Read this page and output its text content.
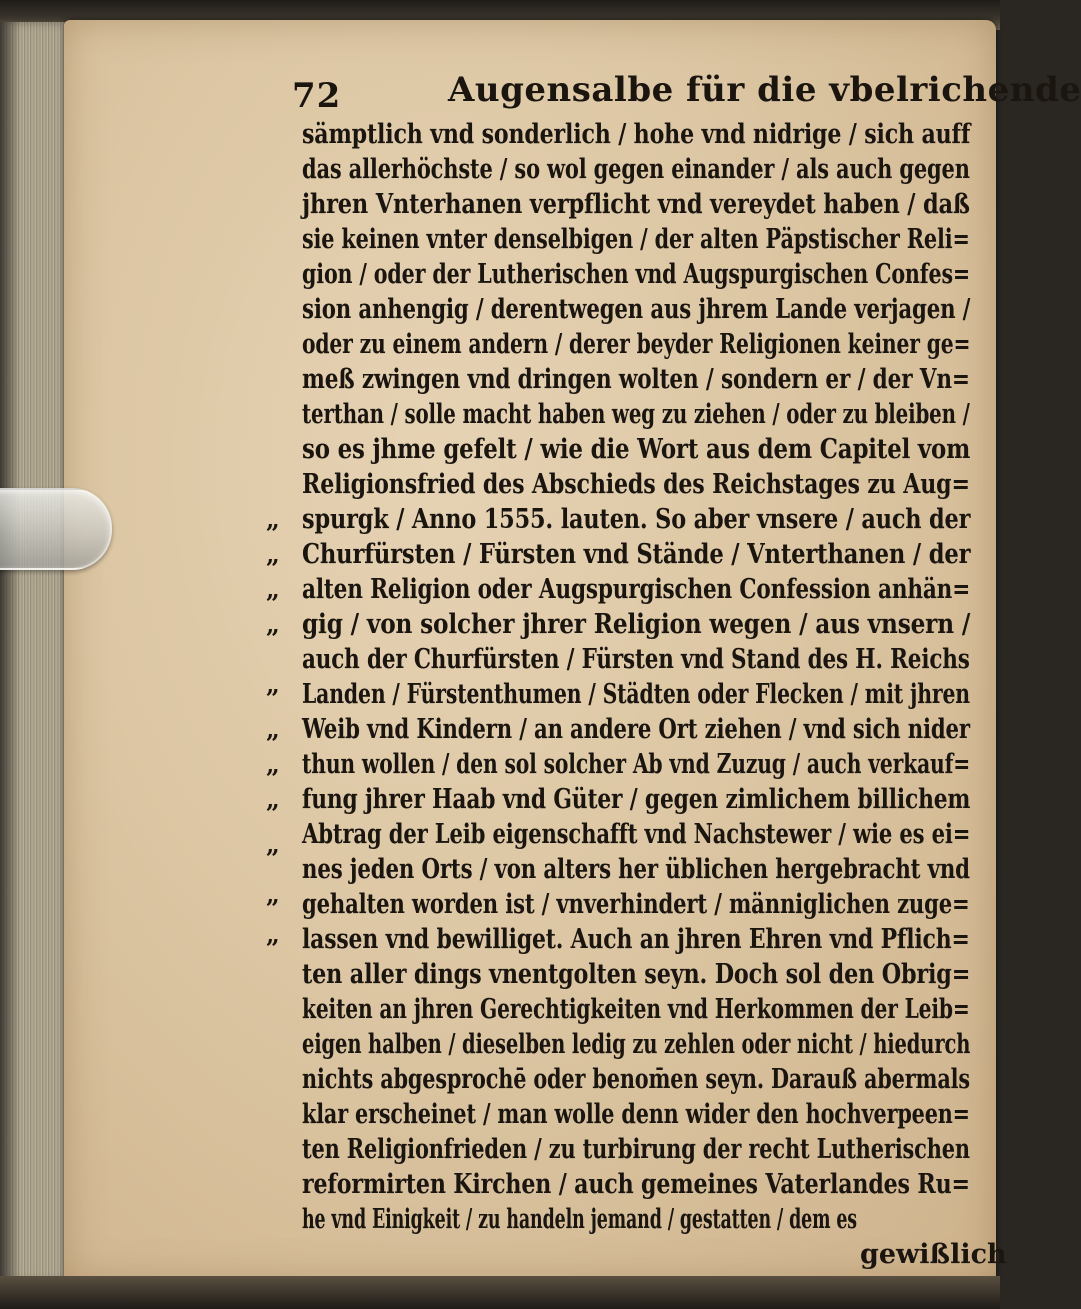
72	Augensalbe für die vbelrichende
sämptlich vnd sonderlich / hohe vnd nidrige / sich auff
das allerhöchste / so wol gegen einander / als auch gegen
jhren Vnterhanen verpflicht vnd vereydet haben / daß
sie keinen vnter denselbigen / der alten Päpstischer Reli=
gion / oder der Lutherischen vnd Augspurgischen Confes=
sion anhengig / derentwegen aus jhrem Lande verjagen /
oder zu einem andern / derer beyder Religionen keiner ge=
meß zwingen vnd dringen wolten / sondern er / der Vn=
terthan / solle macht haben weg zu ziehen / oder zu bleiben /
so es jhme gefelt / wie die Wort aus dem Capitel vom
Religionsfried des Abschieds des Reichstages zu Aug=
spurgk / Anno 1555. lauten. So aber vnsere / auch der
Churfürsten / Fürsten vnd Stände / Vnterthanen / der
alten Religion oder Augspurgischen Confession anhän=
gig / von solcher jhrer Religion wegen / aus vnsern /
auch der Churfürsten / Fürsten vnd Stand des H. Reichs
Landen / Fürstenthumen / Städten oder Flecken / mit jhren
Weib vnd Kindern / an andere Ort ziehen / vnd sich nider
thun wollen / den sol solcher Ab vnd Zuzug / auch verkauf=
fung jhrer Haab vnd Güter / gegen zimlichem billichem
Abtrag der Leib eigenschafft vnd Nachstewer / wie es ei=
nes jeden Orts / von alters her üblichen hergebracht vnd
gehalten worden ist / vnverhindert / männiglichen zuge=
lassen vnd bewilliget. Auch an jhren Ehren vnd Pflich=
ten aller dings vnentgolten seyn. Doch sol den Obrig=
keiten an jhren Gerechtigkeiten vnd Herkommen der Leib=
eigen halben / dieselben ledig zu zehlen oder nicht / hiedurch
nichts abgesprochē oder benom̄en seyn. Darauß abermals
klar erscheinet / man wolle denn wider den hochverpeen=
ten Religionfrieden / zu turbirung der recht Lutherischen
reformirten Kirchen / auch gemeines Vaterlandes Ru=
he vnd Einigkeit / zu handeln jemand / gestatten / dem es
„
„
„
„
„
„
„
„
„
„
„
gewißlich
